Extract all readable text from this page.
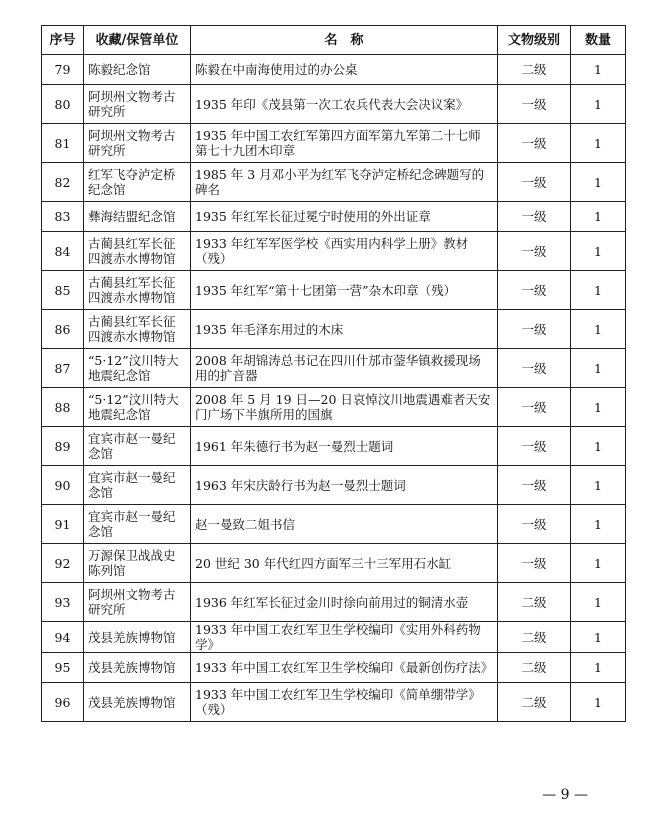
序号	收藏/保管单位	名　称	文物级别	数量
79	陈毅纪念馆	陈毅在中南海使用过的办公桌	二级	1
80	阿坝州文物考古研究所	1935 年印《茂县第一次工农兵代表大会决议案》	一级	1
81	阿坝州文物考古研究所	1935 年中国工农红军第四方面军第九军第二十七师第七十九团木印章	一级	1
82	红军飞夺泸定桥纪念馆	1985 年 3 月邓小平为红军飞夺泸定桥纪念碑题写的碑名	一级	1
83	彝海结盟纪念馆	1935 年红军长征过冕宁时使用的外出证章	一级	1
84	古蔺县红军长征四渡赤水博物馆	1933 年红军军医学校《西实用内科学上册》教材（残）	一级	1
85	古蔺县红军长征四渡赤水博物馆	1935 年红军“第十七团第一营”杂木印章（残）	一级	1
86	古蔺县红军长征四渡赤水博物馆	1935 年毛泽东用过的木床	一级	1
87	“5·12”汶川特大地震纪念馆	2008 年胡锦涛总书记在四川什邡市蓥华镇救援现场用的扩音器	一级	1
88	“5·12”汶川特大地震纪念馆	2008 年 5 月 19 日—20 日哀悼汶川地震遇难者天安门广场下半旗所用的国旗	一级	1
89	宜宾市赵一曼纪念馆	1961 年朱德行书为赵一曼烈士题词	一级	1
90	宜宾市赵一曼纪念馆	1963 年宋庆龄行书为赵一曼烈士题词	一级	1
91	宜宾市赵一曼纪念馆	赵一曼致二姐书信	一级	1
92	万源保卫战战史陈列馆	20 世纪 30 年代红四方面军三十三军用石水缸	一级	1
93	阿坝州文物考古研究所	1936 年红军长征过金川时徐向前用过的铜清水壶	二级	1
94	茂县羌族博物馆	1933 年中国工农红军卫生学校编印《实用外科药物学》	二级	1
95	茂县羌族博物馆	1933 年中国工农红军卫生学校编印《最新创伤疗法》	二级	1
96	茂县羌族博物馆	1933 年中国工农红军卫生学校编印《简单绷带学》（残）	二级	1
— 9 —
